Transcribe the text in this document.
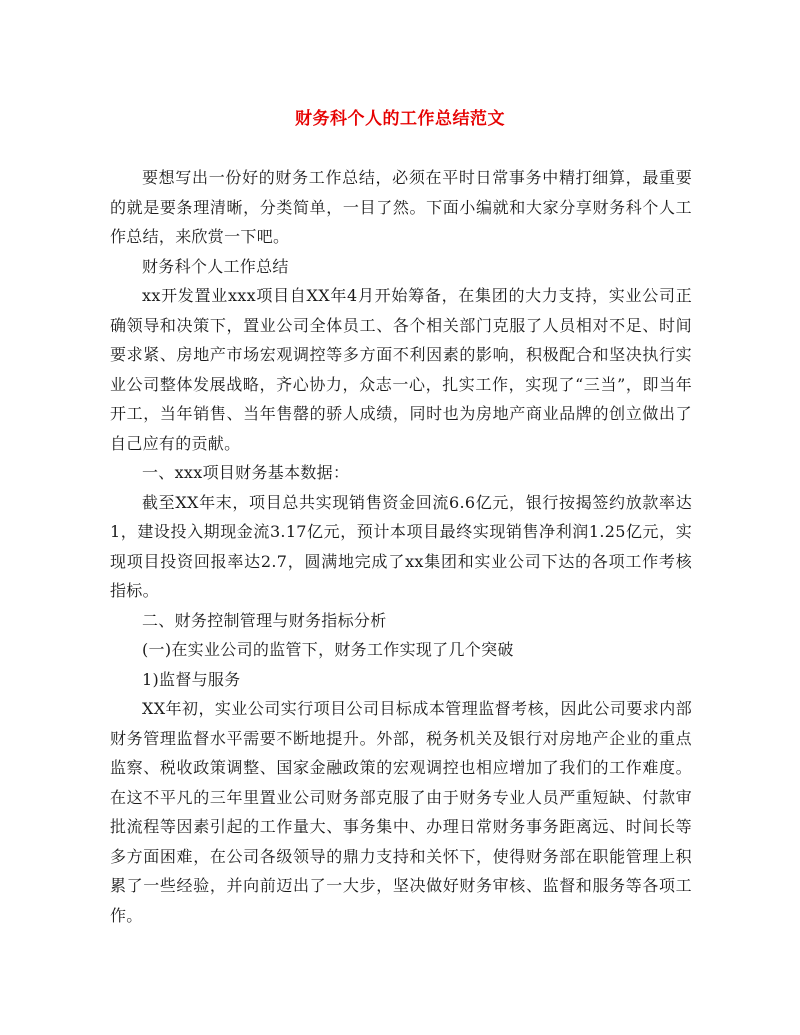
财务科个人的工作总结范文

要想写出一份好的财务工作总结，必须在平时日常事务中精打细算，最重要的就是要条理清晰，分类简单，一目了然。下面小编就和大家分享财务科个人工作总结，来欣赏一下吧。

财务科个人工作总结

xx开发置业xxx项目自XX年4月开始筹备，在集团的大力支持，实业公司正确领导和决策下，置业公司全体员工、各个相关部门克服了人员相对不足、时间要求紧、房地产市场宏观调控等多方面不利因素的影响，积极配合和坚决执行实业公司整体发展战略，齐心协力，众志一心，扎实工作，实现了“三当”，即当年开工，当年销售、当年售罄的骄人成绩，同时也为房地产商业品牌的创立做出了自己应有的贡献。

一、xxx项目财务基本数据：

截至XX年末，项目总共实现销售资金回流6.6亿元，银行按揭签约放款率达1，建设投入期现金流3.17亿元，预计本项目最终实现销售净利润1.25亿元，实现项目投资回报率达2.7，圆满地完成了xx集团和实业公司下达的各项工作考核指标。

二、财务控制管理与财务指标分析

(一)在实业公司的监管下，财务工作实现了几个突破

1)监督与服务

XX年初，实业公司实行项目公司目标成本管理监督考核，因此公司要求内部财务管理监督水平需要不断地提升。外部，税务机关及银行对房地产企业的重点监察、税收政策调整、国家金融政策的宏观调控也相应增加了我们的工作难度。在这不平凡的三年里置业公司财务部克服了由于财务专业人员严重短缺、付款审批流程等因素引起的工作量大、事务集中、办理日常财务事务距离远、时间长等多方面困难，在公司各级领导的鼎力支持和关怀下，使得财务部在职能管理上积累了一些经验，并向前迈出了一大步，坚决做好财务审核、监督和服务等各项工作。
